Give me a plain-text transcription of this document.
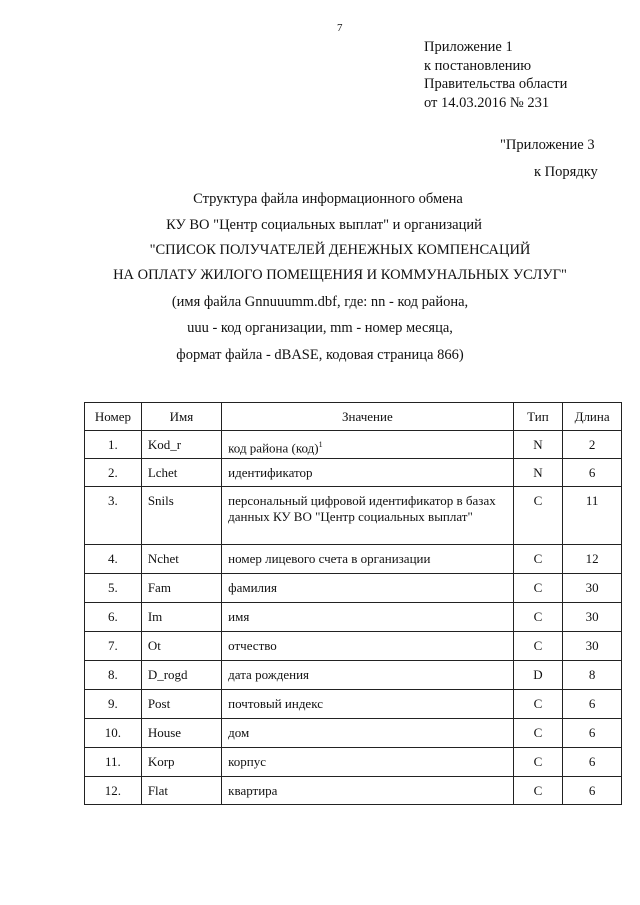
7
Приложение 1
к постановлению
Правительства области
от 14.03.2016 № 231
"Приложение 3
к Порядку
Структура файла информационного обмена
КУ ВО "Центр социальных выплат" и организаций
"СПИСОК ПОЛУЧАТЕЛЕЙ ДЕНЕЖНЫХ КОМПЕНСАЦИЙ
НА ОПЛАТУ ЖИЛОГО ПОМЕЩЕНИЯ И КОММУНАЛЬНЫХ УСЛУГ"
(имя файла Gnnuuumm.dbf, где: nn - код района,
uuu - код организации, mm - номер месяца,
формат файла - dBASE, кодовая страница 866)
Номер	Имя	Значение	Тип	Длина
1.	Kod_r	код района (код)$^1$	N	2
2.	Lchet	идентификатор	N	6
3.	Snils	персональный цифровой идентификатор в базах данных КУ ВО "Центр социальных выплат"	C	11
4.	Nchet	номер лицевого счета в организации	C	12
5.	Fam	фамилия	C	30
6.	Im	имя	C	30
7.	Ot	отчество	C	30
8.	D_rogd	дата рождения	D	8
9.	Post	почтовый индекс	C	6
10.	House	дом	C	6
11.	Korp	корпус	C	6
12.	Flat	квартира	C	6
